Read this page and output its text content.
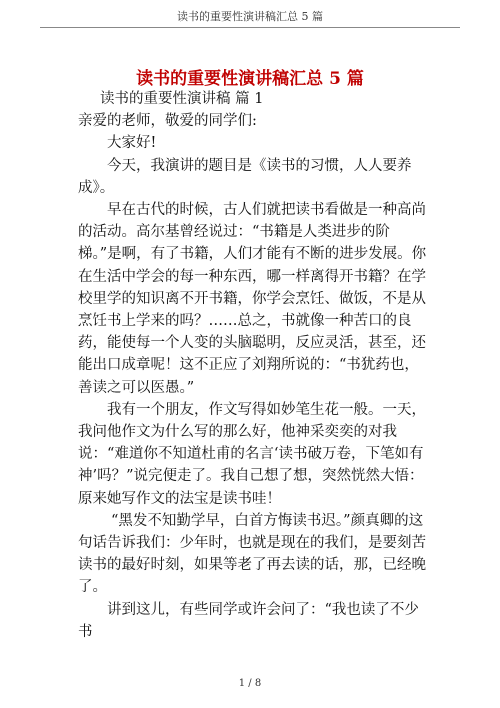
读书的重要性演讲稿汇总 5 篇
读书的重要性演讲稿汇总 5 篇

读书的重要性演讲稿 篇 1

亲爱的老师，敬爱的同学们:

大家好!

今天，我演讲的题目是《读书的习惯，人人要养成》。

早在古代的时候，古人们就把读书看做是一种高尚的活动。高尔基曾经说过：“书籍是人类进步的阶梯。”是啊，有了书籍，人们才能有不断的进步发展。你在生活中学会的每一种东西，哪一样离得开书籍？在学校里学的知识离不开书籍，你学会烹饪、做饭，不是从烹饪书上学来的吗？……总之，书就像一种苦口的良药，能使每一个人变的头脑聪明，反应灵活，甚至，还能出口成章呢！这不正应了刘翔所说的：“书犹药也，善读之可以医愚。”

我有一个朋友，作文写得如妙笔生花一般。一天，我问他作文为什么写的那么好，他神采奕奕的对我说：“难道你不知道杜甫的名言‘读书破万卷，下笔如有神’吗？”说完便走了。我自己想了想，突然恍然大悟：原来她写作文的法宝是读书哇！

“黑发不知勤学早，白首方悔读书迟。”颜真卿的这句话告诉我们：少年时，也就是现在的我们，是要刻苦读书的最好时刻，如果等老了再去读的话，那，已经晚了。

讲到这儿，有些同学或许会问了：“我也读了不少书

1 / 8
